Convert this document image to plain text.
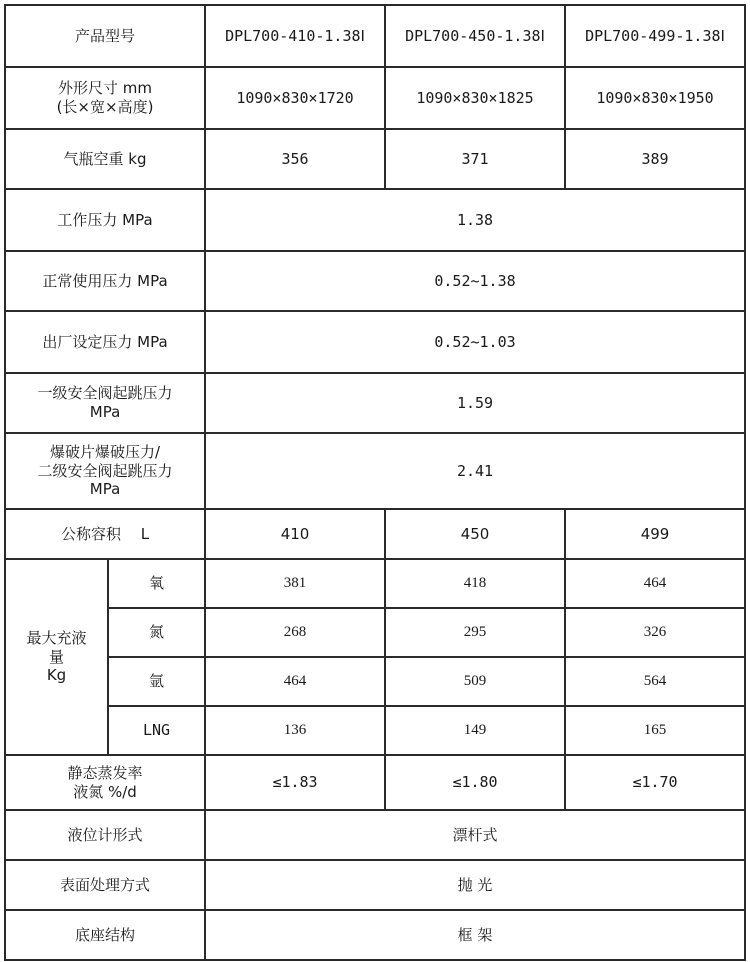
产品型号		DPL700-410-1.38Ⅰ	DPL700-450-1.38Ⅰ	DPL700-499-1.38Ⅰ

外形尺寸 mm
(长×宽×高度)		1090×830×1720	1090×830×1825	1090×830×1950
气瓶空重 kg		356	371	389
工作压力 MPa		1.38		
正常使用压力 MPa		0.52~1.38		
出厂设定压力 MPa		0.52~1.03		

一级安全阀起跳压力
MPa		1.59		

爆破片爆破压力/
二级安全阀起跳压力
MPa		2.41		
公称容积　 L		410	450	499

最大充液
量
Kg	氧	381	418	464
	氮	268	295	326
	氩	464	509	564
	LNG	136	149	165

静态蒸发率
液氮 %/d		≤1.83	≤1.80	≤1.70
液位计形式		漂杆式		
表面处理方式		抛 光		
底座结构		框 架		
